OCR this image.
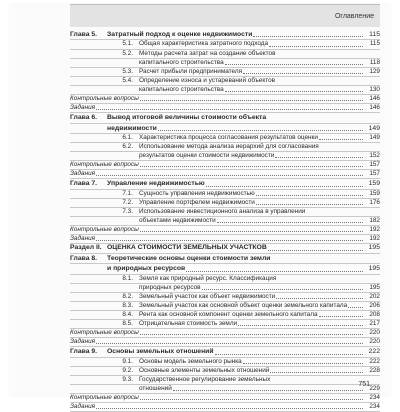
Оглавление
Глава 5.	Затратный подход к оценке недвижимости	115
5.1. Общая характеристика затратного подхода	115
5.2. Методы расчета затрат на создание объектов
капитального строительства	118
5.3. Расчет прибыли предпринимателя	129
5.4. Определение износа и устареваний объектов
капитального строительства	130
Контрольные вопросы	146
Задания	146
Глава 6.	Вывод итоговой величины стоимости объекта
недвижимости	149
6.1. Характеристика процесса согласования результатов оценки	149
6.2. Использование метода анализа иерархий для согласования
результатов оценки стоимости недвижимости	152
Контрольные вопросы	157
Задания	157
Глава 7.	Управление недвижимостью	159
7.1. Сущность управления недвижимостью	159
7.2. Управление портфелем недвижимости	176
7.3. Использование инвестиционного анализа в управлении
объектами недвижимости	182
Контрольные вопросы	192
Задания	192
Раздел II. ОЦЕНКА СТОИМОСТИ ЗЕМЕЛЬНЫХ УЧАСТКОВ	195
Глава 8.	Теоретические основы оценки стоимости земли
и природных ресурсов	195
8.1. Земля как природный ресурс. Классификация
природных ресурсов	195
8.2. Земельный участок как объект недвижимости	202
8.3. Земельный участок как основной объект оценки земельного капитала	206
8.4. Рента как основной компонент оценки земельного капитала	208
8.5. Отрицательная стоимость земли	217
Контрольные вопросы	220
Задания	220
Глава 9.	Основы земельных отношений	222
9.1. Основы модель земельного рынка	222
9.2. Основные элементы земельных отношений	228
9.3. Государственное регулирование земельных
отношений	229
Контрольные вопросы	234
Задания	234
751
